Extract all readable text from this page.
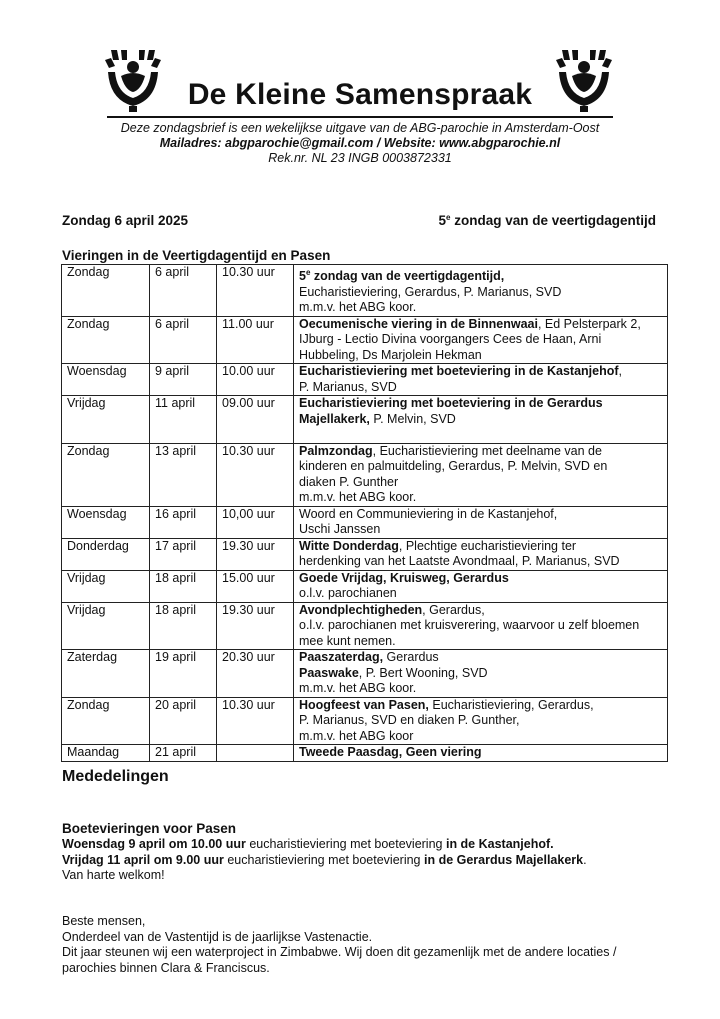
De Kleine Samenspraak
Deze zondagsbrief is een wekelijkse uitgave van de ABG-parochie in Amsterdam-Oost
Mailadres: abgparochie@gmail.com / Website: www.abgparochie.nl
Rek.nr. NL 23 INGB 0003872331
Zondag 6 april 2025	5e zondag van de veertigdagentijd
Vieringen in de Veertigdagentijd en Pasen
Zondag	6 april	10.30 uur	5e zondag van de veertigdagentijd,
Eucharistieviering, Gerardus, P. Marianus, SVD
m.m.v. het ABG koor.

Zondag	6 april	11.00 uur	Oecumenische viering in de Binnenwaai, Ed Pelsterpark 2,
IJburg - Lectio Divina voorgangers Cees de Haan, Arni
Hubbeling, Ds Marjolein Hekman

Woensdag	9 april	10.00 uur	Eucharistieviering met boeteviering in de Kastanjehof,
P. Marianus, SVD

Vrijdag	11 april	09.00 uur	Eucharistieviering met boeteviering in de Gerardus
Majellakerk, P. Melvin, SVD

Zondag	13 april	10.30 uur	Palmzondag, Eucharistieviering met deelname van de
kinderen en palmuitdeling, Gerardus, P. Melvin, SVD en
diaken P. Gunther
m.m.v. het ABG koor.

Woensdag	16 april	10,00 uur	Woord en Communieviering in de Kastanjehof,
Uschi Janssen

Donderdag	17 april	19.30 uur	Witte Donderdag, Plechtige eucharistieviering ter
herdenking van het Laatste Avondmaal, P. Marianus, SVD

Vrijdag	18 april	15.00 uur	Goede Vrijdag, Kruisweg, Gerardus
o.l.v. parochianen

Vrijdag	18 april	19.30 uur	Avondplechtigheden, Gerardus,
o.l.v. parochianen met kruisverering, waarvoor u zelf bloemen
mee kunt nemen.

Zaterdag	19 april	20.30 uur	Paaszaterdag, Gerardus
Paaswake, P. Bert Wooning, SVD
m.m.v. het ABG koor.

Zondag	20 april	10.30 uur	Hoogfeest van Pasen, Eucharistieviering, Gerardus,
P. Marianus, SVD en diaken P. Gunther,
m.m.v. het ABG koor

Maandag	21 april		Tweede Paasdag, Geen viering
Mededelingen
Boetevieringen voor Pasen
Woensdag 9 april om 10.00 uur eucharistieviering met boeteviering in de Kastanjehof.
Vrijdag 11 april om 9.00 uur eucharistieviering met boeteviering in de Gerardus Majellakerk.
Van harte welkom!
Beste mensen,
Onderdeel van de Vastentijd is de jaarlijkse Vastenactie.
Dit jaar steunen wij een waterproject in Zimbabwe. Wij doen dit gezamenlijk met de andere locaties /
parochies binnen Clara & Franciscus.
